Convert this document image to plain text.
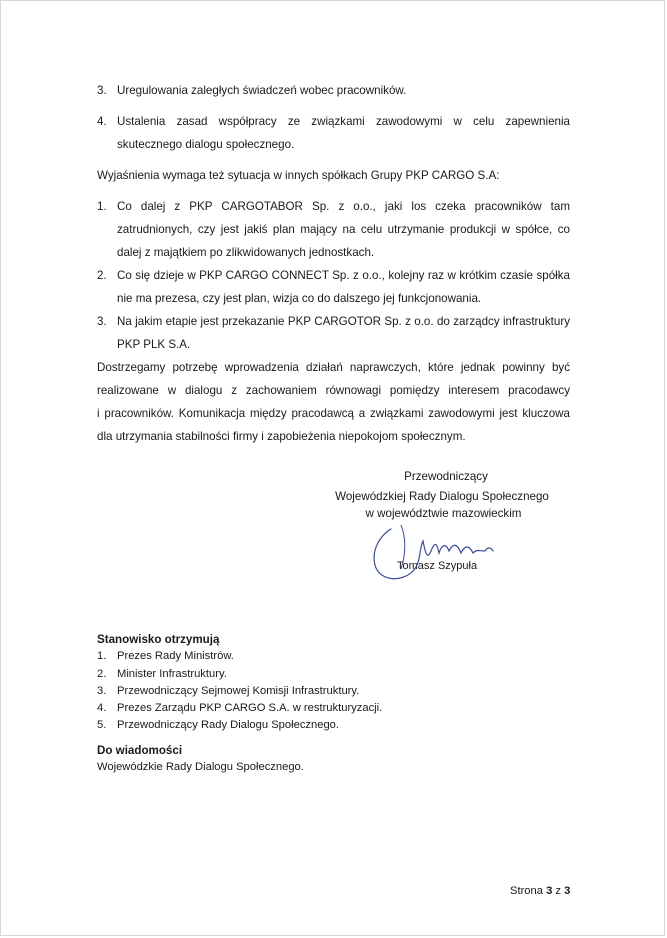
3. Uregulowania zaległych świadczeń wobec pracowników.
4. Ustalenia zasad współpracy ze związkami zawodowymi w celu zapewnienia skutecznego dialogu społecznego.
Wyjaśnienia wymaga też sytuacja w innych spółkach Grupy PKP CARGO S.A:
1. Co dalej z PKP CARGOTABOR Sp. z o.o., jaki los czeka pracowników tam zatrudnionych, czy jest jakiś plan mający na celu utrzymanie produkcji w spółce, co dalej z majątkiem po zlikwidowanych jednostkach.
2. Co się dzieje w PKP CARGO CONNECT Sp. z o.o., kolejny raz w krótkim czasie spółka nie ma prezesa, czy jest plan, wizja co do dalszego jej funkcjonowania.
3. Na jakim etapie jest przekazanie PKP CARGOTOR Sp. z o.o. do zarządcy infrastruktury PKP PLK S.A.
Dostrzegamy potrzebę wprowadzenia działań naprawczych, które jednak powinny być
realizowane w dialogu z zachowaniem równowagi pomiędzy interesem pracodawcy
i pracowników. Komunikacja między pracodawcą a związkami zawodowymi jest kluczowa
dla utrzymania stabilności firmy i zapobieżenia niepokojom społecznym.
Przewodniczący
Wojewódzkiej Rady Dialogu Społecznego
w województwie mazowieckim
Tomasz Szypuła
Stanowisko otrzymują
1. Prezes Rady Ministrów.
2. Minister Infrastruktury.
3. Przewodniczący Sejmowej Komisji Infrastruktury.
4. Prezes Zarządu PKP CARGO S.A. w restrukturyzacji.
5. Przewodniczący Rady Dialogu Społecznego.
Do wiadomości
Wojewódzkie Rady Dialogu Społecznego.
Strona 3 z 3
